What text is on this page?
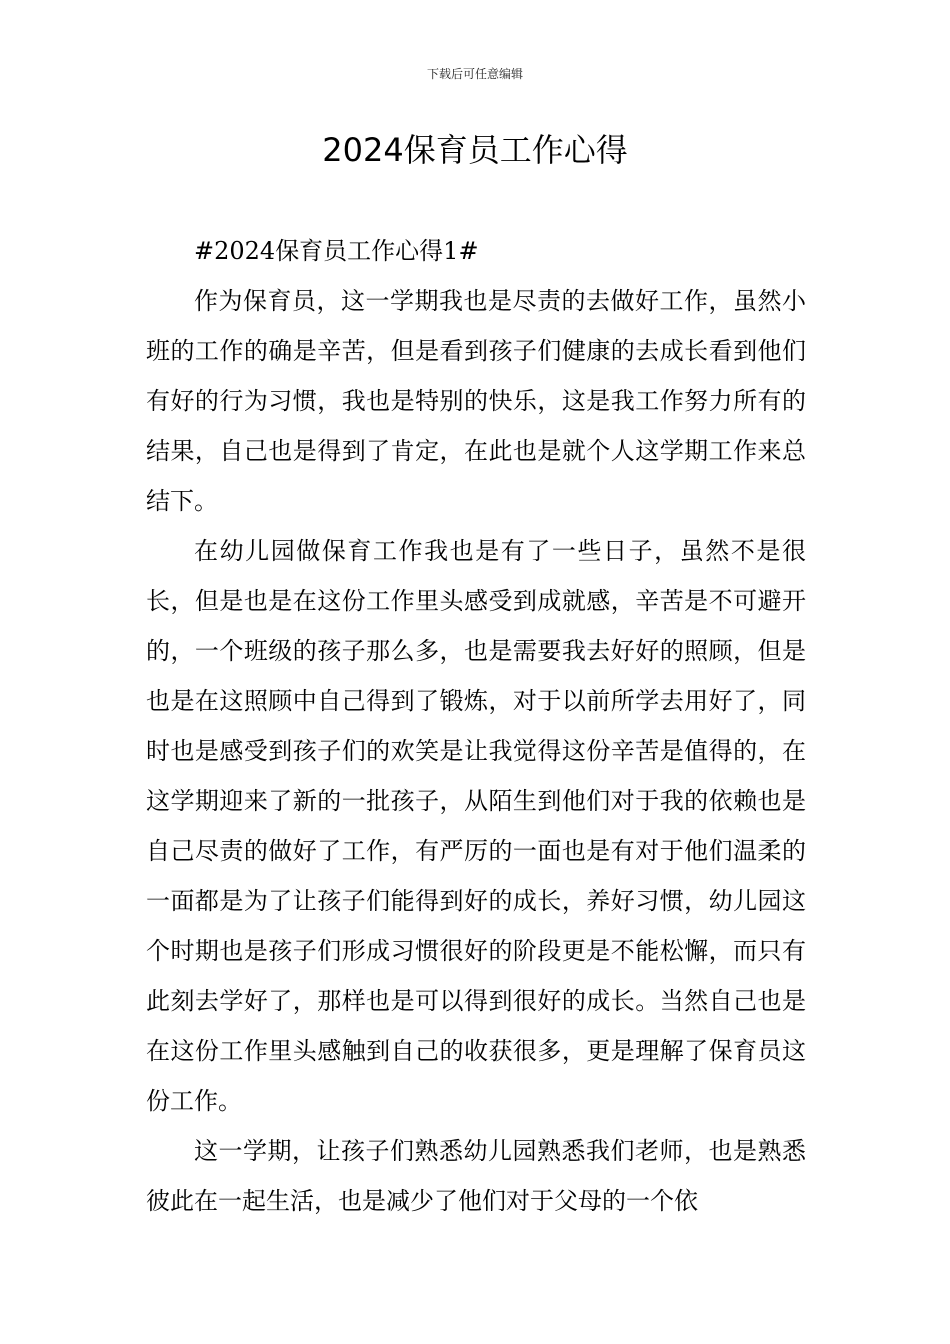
下载后可任意编辑
2024保育员工作心得

#2024保育员工作心得1#

作为保育员，这一学期我也是尽责的去做好工作，虽然小班的工作的确是辛苦，但是看到孩子们健康的去成长看到他们有好的行为习惯，我也是特别的快乐，这是我工作努力所有的结果，自己也是得到了肯定，在此也是就个人这学期工作来总结下。

在幼儿园做保育工作我也是有了一些日子，虽然不是很长，但是也是在这份工作里头感受到成就感，辛苦是不可避开的，一个班级的孩子那么多，也是需要我去好好的照顾，但是也是在这照顾中自己得到了锻炼，对于以前所学去用好了，同时也是感受到孩子们的欢笑是让我觉得这份辛苦是值得的，在这学期迎来了新的一批孩子，从陌生到他们对于我的依赖也是自己尽责的做好了工作，有严厉的一面也是有对于他们温柔的一面都是为了让孩子们能得到好的成长，养好习惯，幼儿园这个时期也是孩子们形成习惯很好的阶段更是不能松懈，而只有此刻去学好了，那样也是可以得到很好的成长。当然自己也是在这份工作里头感触到自己的收获很多，更是理解了保育员这份工作。

这一学期，让孩子们熟悉幼儿园熟悉我们老师，也是熟悉彼此在一起生活，也是减少了他们对于父母的一个依
